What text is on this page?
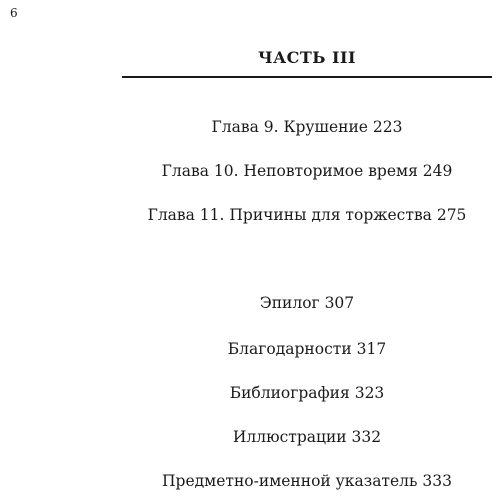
6
ЧАСТЬ III
Глава 9. Крушение 223
Глава 10. Неповторимое время 249
Глава 11. Причины для торжества 275
Эпилог 307
Благодарности 317
Библиография 323
Иллюстрации 332
Предметно-именной указатель 333
